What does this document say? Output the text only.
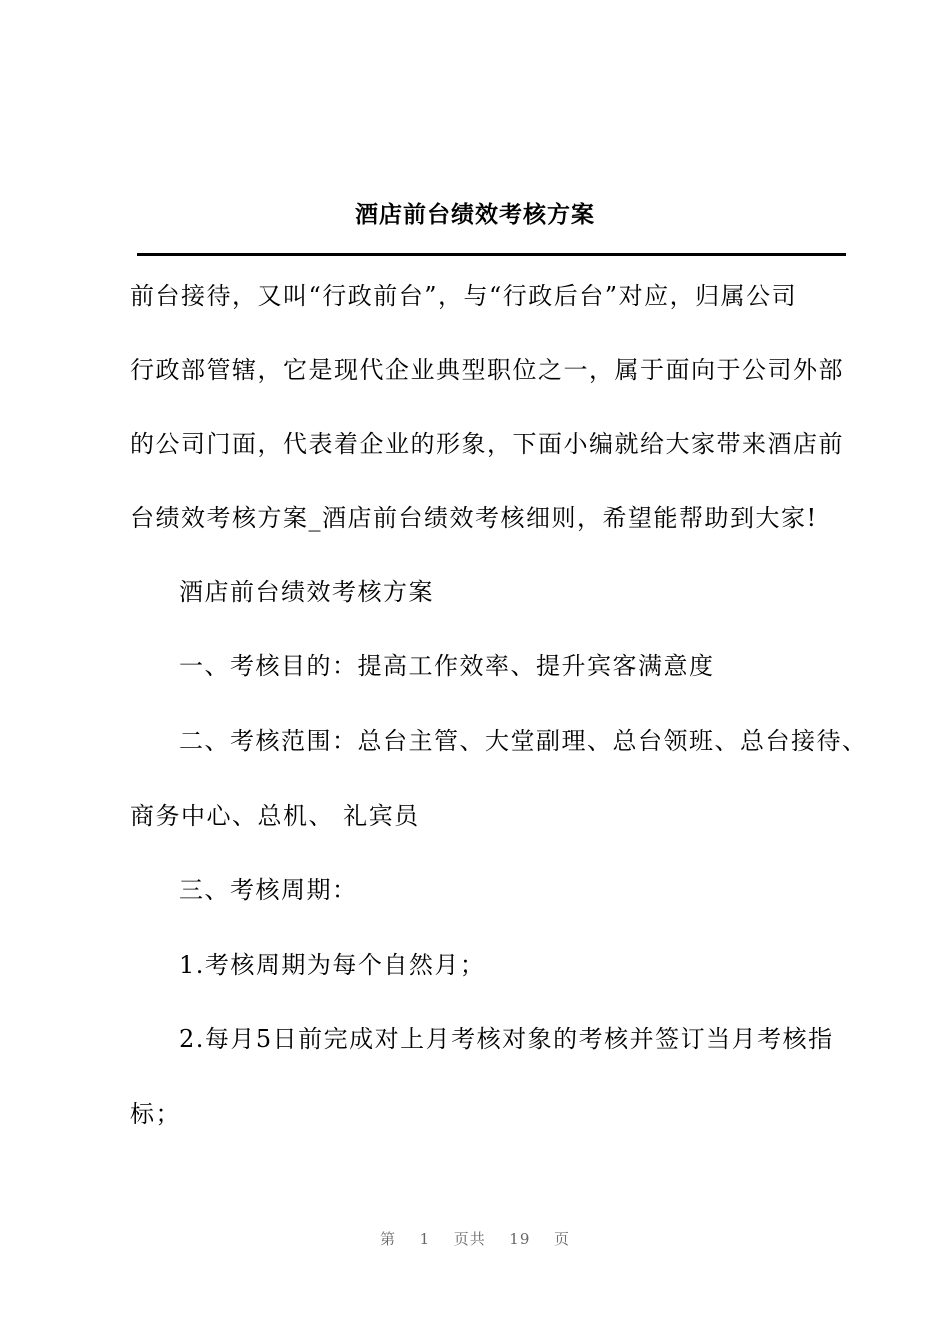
酒店前台绩效考核方案
前台接待，又叫“行政前台”，与“行政后台”对应，归属公司
行政部管辖，它是现代企业典型职位之一，属于面向于公司外部
的公司门面，代表着企业的形象，下面小编就给大家带来酒店前
台绩效考核方案_酒店前台绩效考核细则，希望能帮助到大家!
酒店前台绩效考核方案
一、考核目的：提高工作效率、提升宾客满意度
二、考核范围：总台主管、大堂副理、总台领班、总台接待、
商务中心、总机、 礼宾员
三、考核周期：
1.考核周期为每个自然月；
2.每月5日前完成对上月考核对象的考核并签订当月考核指
标；
第 1 页共 19 页
